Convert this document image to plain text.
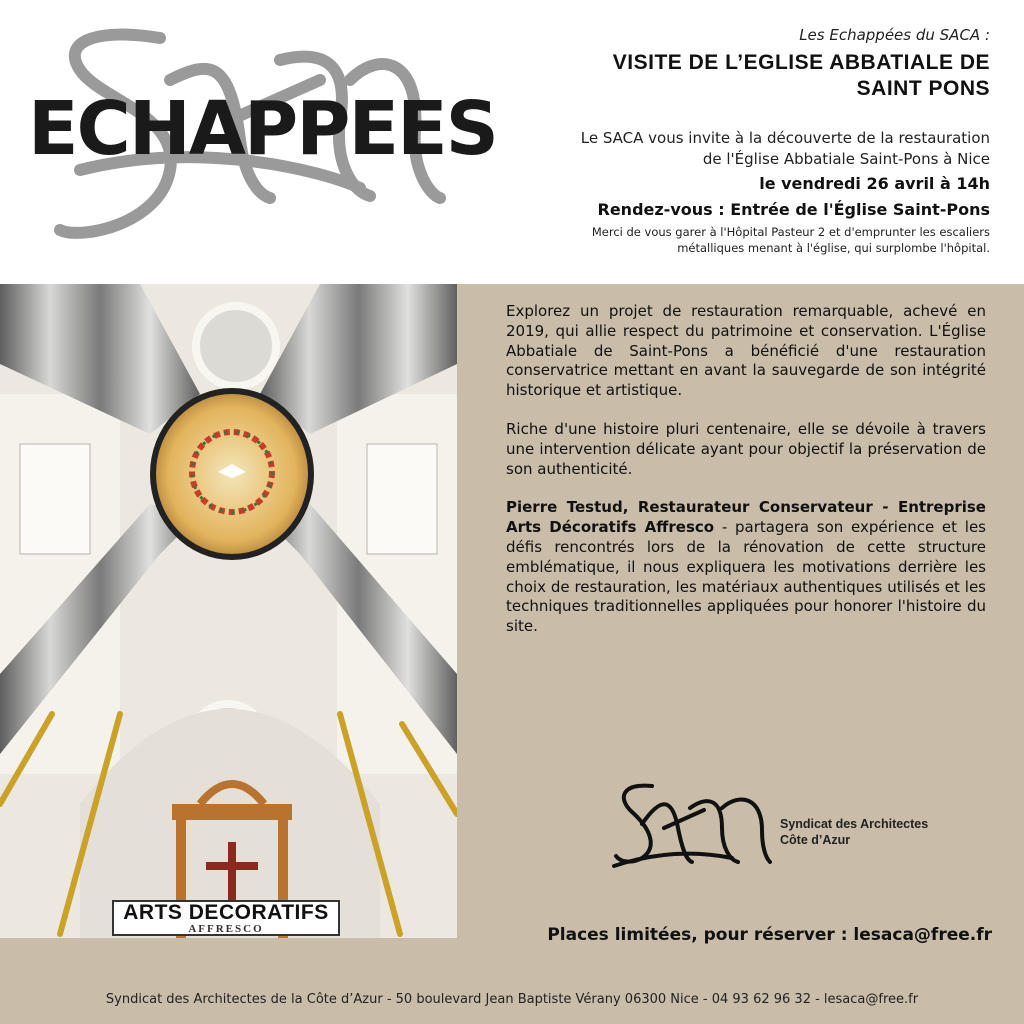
ECHAPPEES
Les Echappées du SACA :
VISITE DE L’EGLISE ABBATIALE DE
SAINT PONS
Le SACA vous invite à la découverte de la restauration
de l'Église Abbatiale Saint-Pons à Nice
le vendredi 26 avril à 14h
Rendez-vous : Entrée de l'Église Saint-Pons
Merci de vous garer à l'Hôpital Pasteur 2 et d'emprunter les escaliers
métalliques menant à l'église, qui surplombe l'hôpital.
ARTS DECORATIFS
AFFRESCO

Explorez un projet de restauration remarquable, achevé en 2019, qui allie respect du patrimoine et conservation. L'Église Abbatiale de Saint-Pons a bénéficié d'une restauration conservatrice mettant en avant la sauvegarde de son intégrité historique et artistique.

Riche d'une histoire pluri centenaire, elle se dévoile à travers une intervention délicate ayant pour objectif la préservation de son authenticité.

Pierre Testud, Restaurateur Conservateur - Entreprise Arts Décoratifs Affresco - partagera son expérience et les défis rencontrés lors de la rénovation de cette structure emblématique, il nous expliquera les motivations derrière les choix de restauration, les matériaux authentiques utilisés et les techniques traditionnelles appliquées pour honorer l'histoire du site.

Syndicat des Architectes
Côte d’Azur
Places limitées, pour réserver : lesaca@free.fr
Syndicat des Architectes de la Côte d’Azur - 50 boulevard Jean Baptiste Vérany 06300 Nice - 04 93 62 96 32 - lesaca@free.fr
